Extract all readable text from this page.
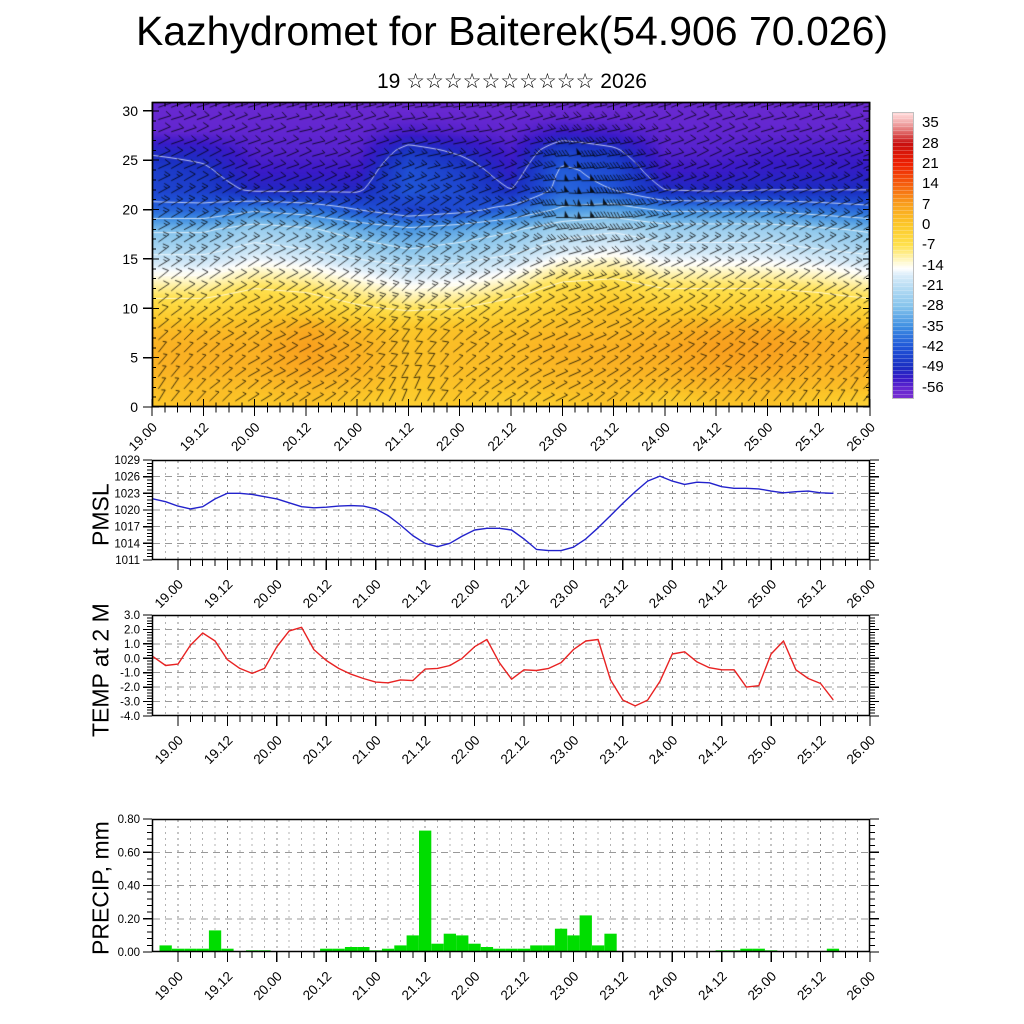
Kazhydromet for Baiterek(54.906 70.026)
19 ☆☆☆☆☆☆☆☆☆☆ 2026
35
28
21
14
7
0
-7
-14
-21
-28
-35
-42
-49
-56
PMSL
TEMP at 2 M
PRECIP, mm
30
25
20
15
10
5
0
19.00 19.12 20.00 20.12 21.00 21.12 22.00 22.12 23.00 23.12 24.00 24.12 25.00 25.12 26.00
1029
1026
1023
1020
1017
1014
1011
19.00 19.12 20.00 20.12 21.00 21.12 22.00 22.12 23.00 23.12 24.00 24.12 25.00 25.12 26.00
3.0
2.0
1.0
0.0
-1.0
-2.0
-3.0
-4.0
19.00 19.12 20.00 20.12 21.00 21.12 22.00 22.12 23.00 23.12 24.00 24.12 25.00 25.12 26.00
0.80
0.60
0.40
0.20
0.00
19.00 19.12 20.00 20.12 21.00 21.12 22.00 22.12 23.00 23.12 24.00 24.12 25.00 25.12 26.00
